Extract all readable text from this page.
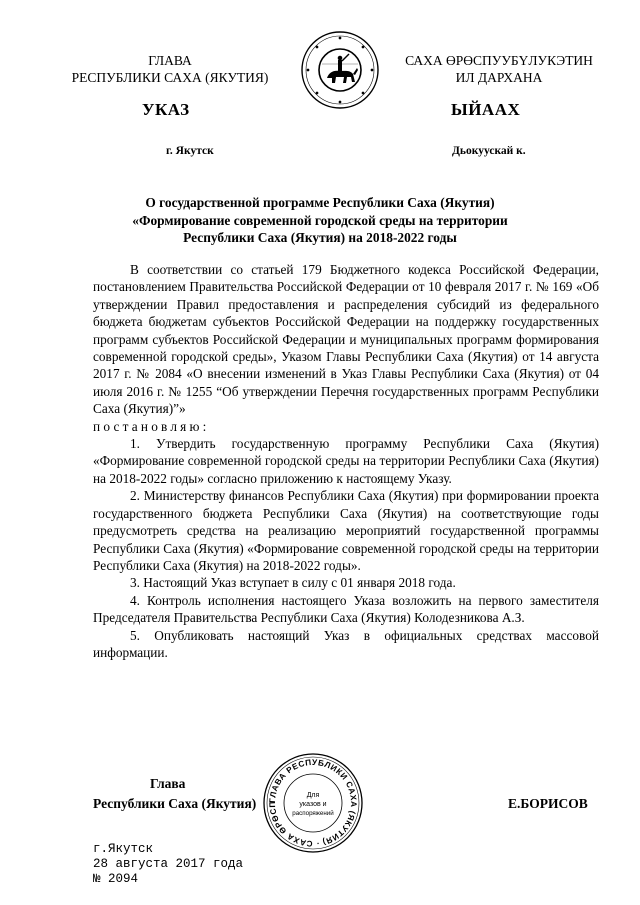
ГЛАВА
РЕСПУБЛИКИ САХА (ЯКУТИЯ)
САХА ӨРӨСПУУБҮЛУКЭТИН
ИЛ ДАРХАНА
УКАЗ	ЫЙААХ
г. Якутск	Дьокуускай к.
О государственной программе Республики Саха (Якутия)
«Формирование современной городской среды на территории
Республики Саха (Якутия) на 2018-2022 годы

В соответствии со статьей 179 Бюджетного кодекса Российской Федерации, постановлением Правительства Российской Федерации от 10 февраля 2017 г. № 169 «Об утверждении Правил предоставления и распределения субсидий из федерального бюджета бюджетам субъектов Российской Федерации на поддержку государственных программ субъектов Российской Федерации и муниципальных программ формирования современной городской среды», Указом Главы Республики Саха (Якутия) от 14 августа 2017 г. № 2084 «О внесении изменений в Указ Главы Республики Саха (Якутия) от 04 июля 2016 г. № 1255 “Об утверждении Перечня государственных программ Республики Саха (Якутия)”»

постановляю:

1. Утвердить государственную программу Республики Саха (Якутия) «Формирование современной городской среды на территории Республики Саха (Якутия) на 2018-2022 годы» согласно приложению к настоящему Указу.

2. Министерству финансов Республики Саха (Якутия) при формировании проекта государственного бюджета Республики Саха (Якутия) на соответствующие годы предусмотреть средства на реализацию мероприятий государственной программы Республики Саха (Якутия) «Формирование современной городской среды на территории Республики Саха (Якутия) на 2018-2022 годы».

3. Настоящий Указ вступает в силу с 01 января 2018 года.

4. Контроль исполнения настоящего Указа возложить на первого заместителя Председателя Правительства Республики Саха (Якутия) Колодезникова А.З.

5. Опубликовать настоящий Указ в официальных средствах массовой информации.

Глава
Республики Саха (Якутия)	Е.БОРИСОВ
ГЛАВА РЕСПУБЛИКИ САХА (ЯКУТИЯ) · САХА ӨРӨСП
Для
указов и
распоряжений
г.Якутск
28 августа 2017 года
№ 2094
